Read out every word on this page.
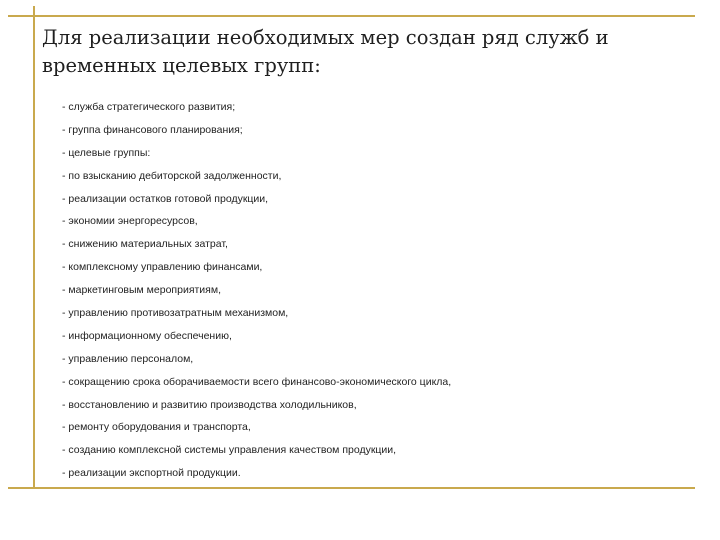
Для реализации необходимых мер создан ряд служб и временных целевых групп:
- служба стратегического развития;
- группа финансового планирования;
- целевые группы:
- по взысканию дебиторской задолженности,
- реализации остатков готовой продукции,
- экономии энергоресурсов,
- снижению материальных затрат,
- комплексному управлению финансами,
- маркетинговым мероприятиям,
- управлению противозатратным механизмом,
- информационному обеспечению,
- управлению персоналом,
- сокращению срока оборачиваемости всего финансово-экономического цикла,
- восстановлению и развитию производства холодильников,
- ремонту оборудования и транспорта,
- созданию комплексной системы управления качеством продукции,
- реализации экспортной продукции.
